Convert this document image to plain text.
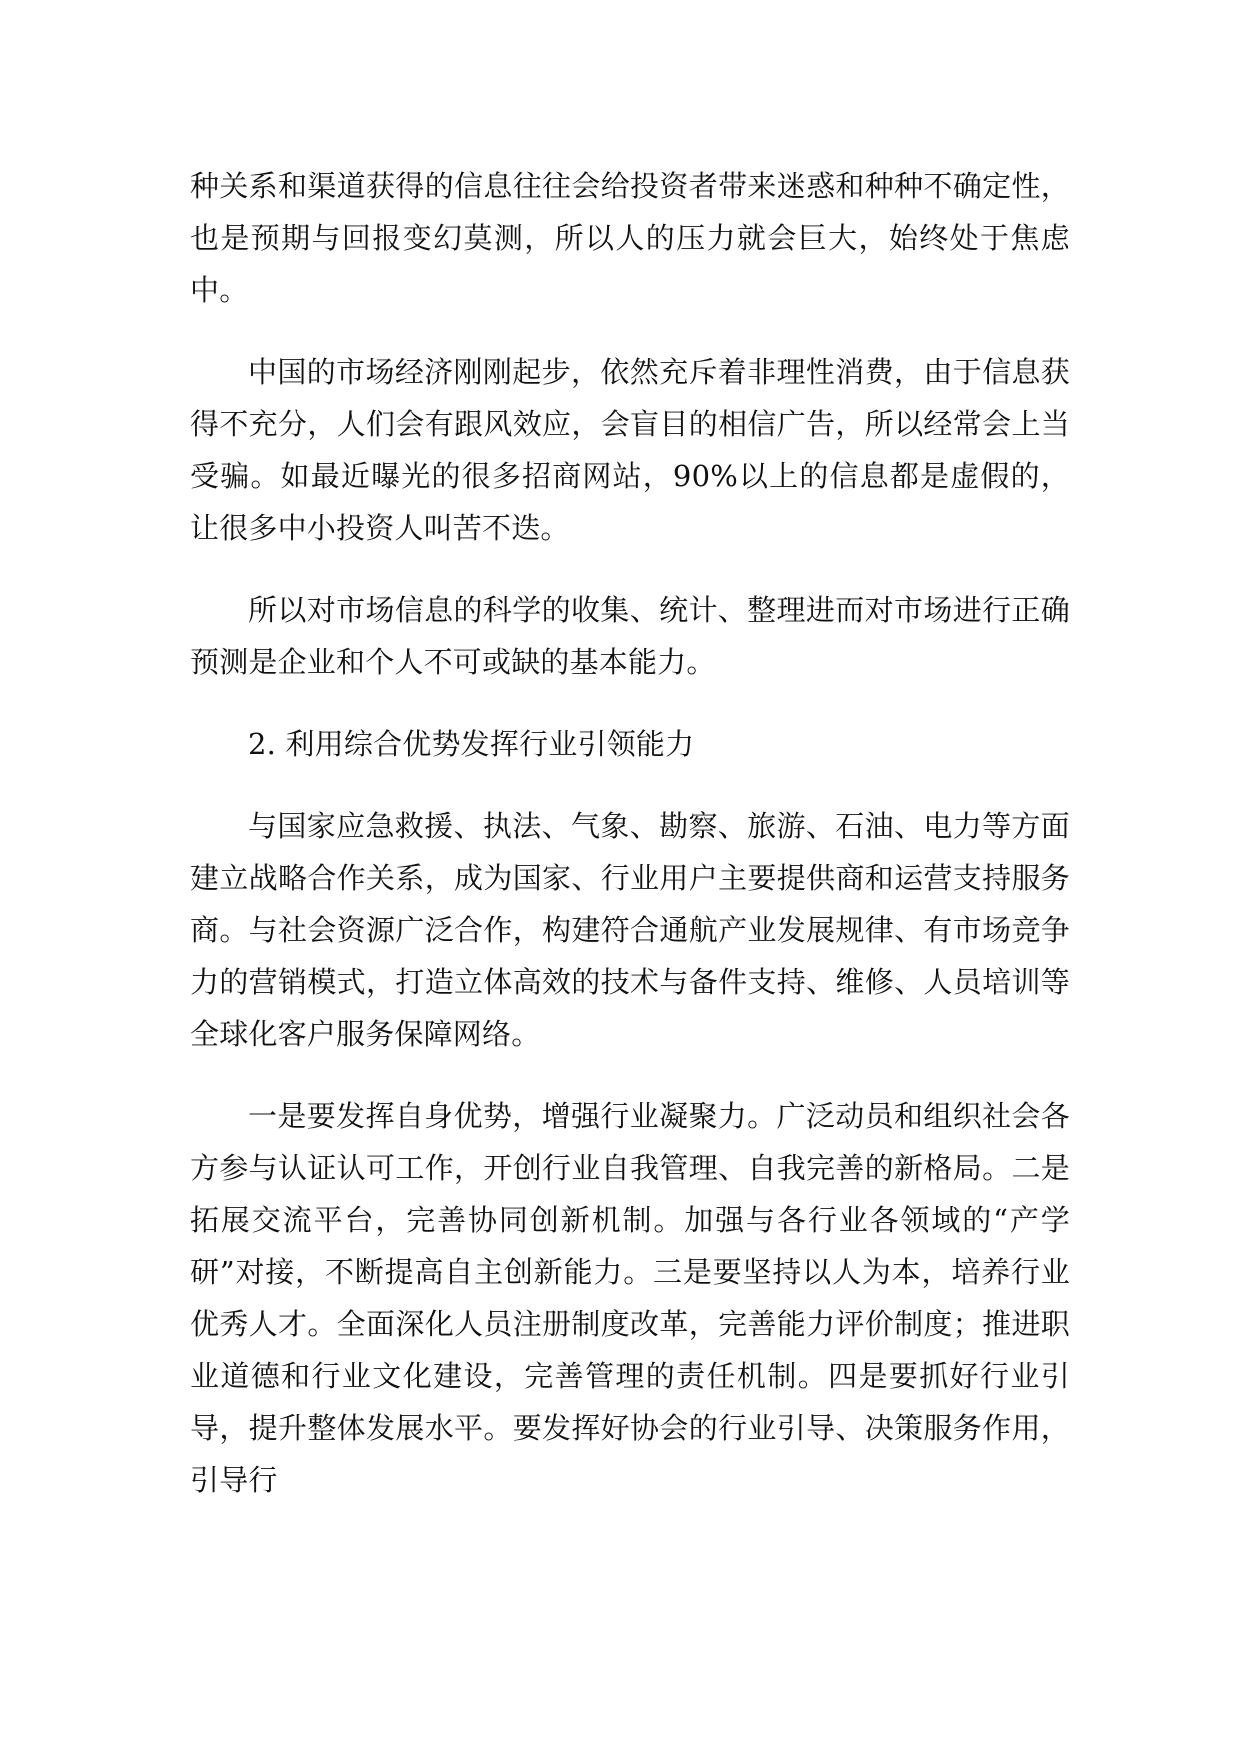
种关系和渠道获得的信息往往会给投资者带来迷惑和种种不确定性，也是预期与回报变幻莫测，所以人的压力就会巨大，始终处于焦虑中。

中国的市场经济刚刚起步，依然充斥着非理性消费，由于信息获得不充分，人们会有跟风效应，会盲目的相信广告，所以经常会上当受骗。如最近曝光的很多招商网站，90%以上的信息都是虚假的，让很多中小投资人叫苦不迭。

所以对市场信息的科学的收集、统计、整理进而对市场进行正确预测是企业和个人不可或缺的基本能力。

2. 利用综合优势发挥行业引领能力

与国家应急救援、执法、气象、勘察、旅游、石油、电力等方面建立战略合作关系，成为国家、行业用户主要提供商和运营支持服务商。与社会资源广泛合作，构建符合通航产业发展规律、有市场竞争力的营销模式，打造立体高效的技术与备件支持、维修、人员培训等全球化客户服务保障网络。

一是要发挥自身优势，增强行业凝聚力。广泛动员和组织社会各方参与认证认可工作，开创行业自我管理、自我完善的新格局。二是拓展交流平台，完善协同创新机制。加强与各行业各领域的“产学研”对接，不断提高自主创新能力。三是要坚持以人为本，培养行业优秀人才。全面深化人员注册制度改革，完善能力评价制度；推进职业道德和行业文化建设，完善管理的责任机制。四是要抓好行业引导，提升整体发展水平。要发挥好协会的行业引导、决策服务作用，引导行
